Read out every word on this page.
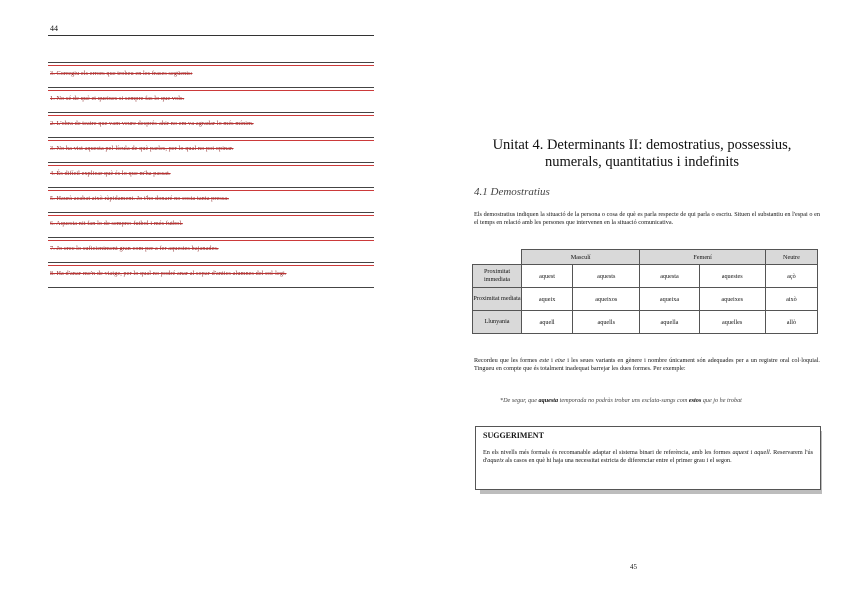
44
3. Corregiu els errors que trobeu en les frases següents:
1. No sé de què et queixes si sempre fas lo que vols.
2. L'obra de teatre que vam veure després-ahir no em va agradar lo més mínim.
3. No ha vist aquesta pel·lícula de què parles, per lo qual no pot opinar.
4. És difícil explicar què és lo que m'ha passat.
5. Haurà acabat això ràpidament. Jo t'ho donaré no costa tanta pressa.
6. Aquesta nit fan lo de sempre: futbol i més futbol.
7. Jo crec lo suficientment gran com per a fer aquestes bajanades.
8. Ha d'anar-me'n de viatge, per lo qual no podré anar al sopar d'antics alumnes del col·legi.
Unitat 4. Determinants II: demostratius, possessius, numerals, quantitatius i indefinits
4.1 Demostratius
Els demostratius indiquen la situació de la persona o cosa de què es parla respecte de qui parla o escriu. Situen el substantiu en l'espai o en el temps en relació amb les persones que intervenen en la situació comunicativa.
	Masculí		Femení		Neutre
Proximitat immediata	aquest	aquests	aquesta	aquestes	açò
Proximitat mediata	aqueix	aqueixos	aqueixa	aqueixes	això
Llunyania	aquell	aquells	aquella	aquelles	allò
Recordeu que les formes este i eixe i les seues variants en gènere i nombre únicament són adequades per a un registre oral col·loquial. Tingueu en compte que és totalment inadequat barrejar les dues formes. Per exemple:
*De segur, que aquesta temporada no podràs trobar uns esclata-sangs com estos que jo he trobat
SUGGERIMENT
En els nivells més formals és recomanable adaptar el sistema binari de referència, amb les formes aquest i aquell. Reservarem l'ús d'aqueix als casos en què hi haja una necessitat estricta de diferenciar entre el primer grau i el segon.
45
